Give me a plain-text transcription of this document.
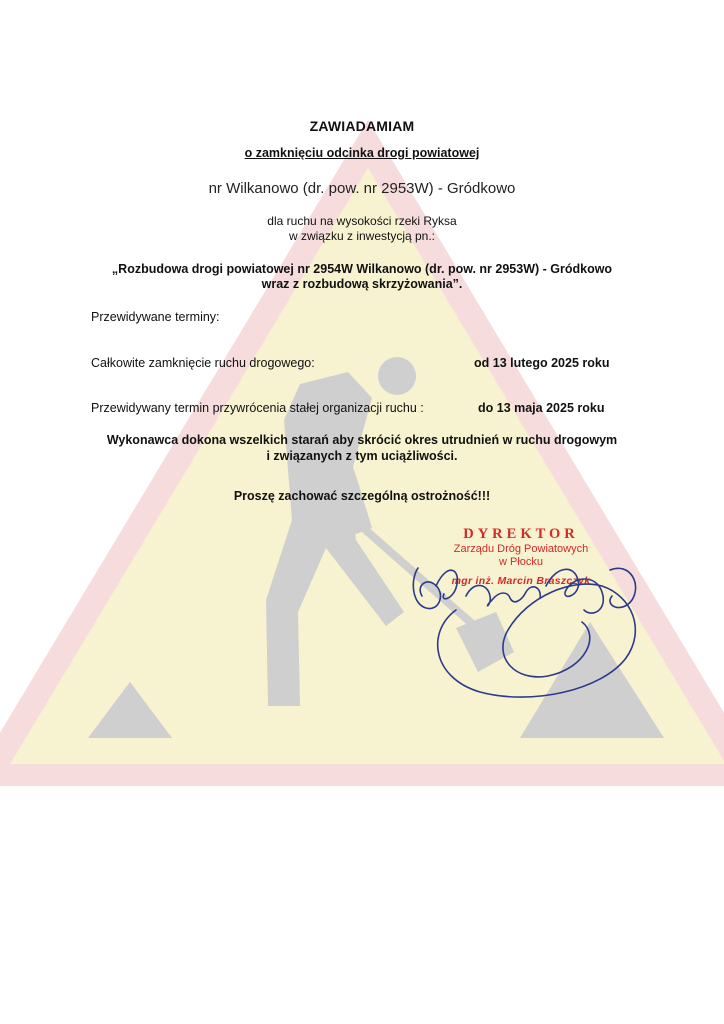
ZAWIADAMIAM
o zamknięciu odcinka drogi powiatowej
nr Wilkanowo (dr. pow. nr 2953W) - Gródkowo
dla ruchu na wysokości rzeki Ryksa
w związku z inwestycją pn.:
„Rozbudowa drogi powiatowej nr 2954W Wilkanowo (dr. pow. nr 2953W) - Gródkowo
wraz z rozbudową skrzyżowania”.
Przewidywane terminy:
Całkowite zamknięcie ruchu drogowego:	od 13 lutego 2025 roku
Przewidywany termin przywrócenia stałej organizacji ruchu :	do 13 maja 2025 roku
Wykonawca dokona wszelkich starań aby skrócić okres utrudnień w ruchu drogowym
i związanych z tym uciążliwości.
Proszę zachować szczególną ostrożność!!!
DYREKTOR
Zarządu Dróg Powiatowych
w Płocku
mgr inż. Marcin Braszczyk
